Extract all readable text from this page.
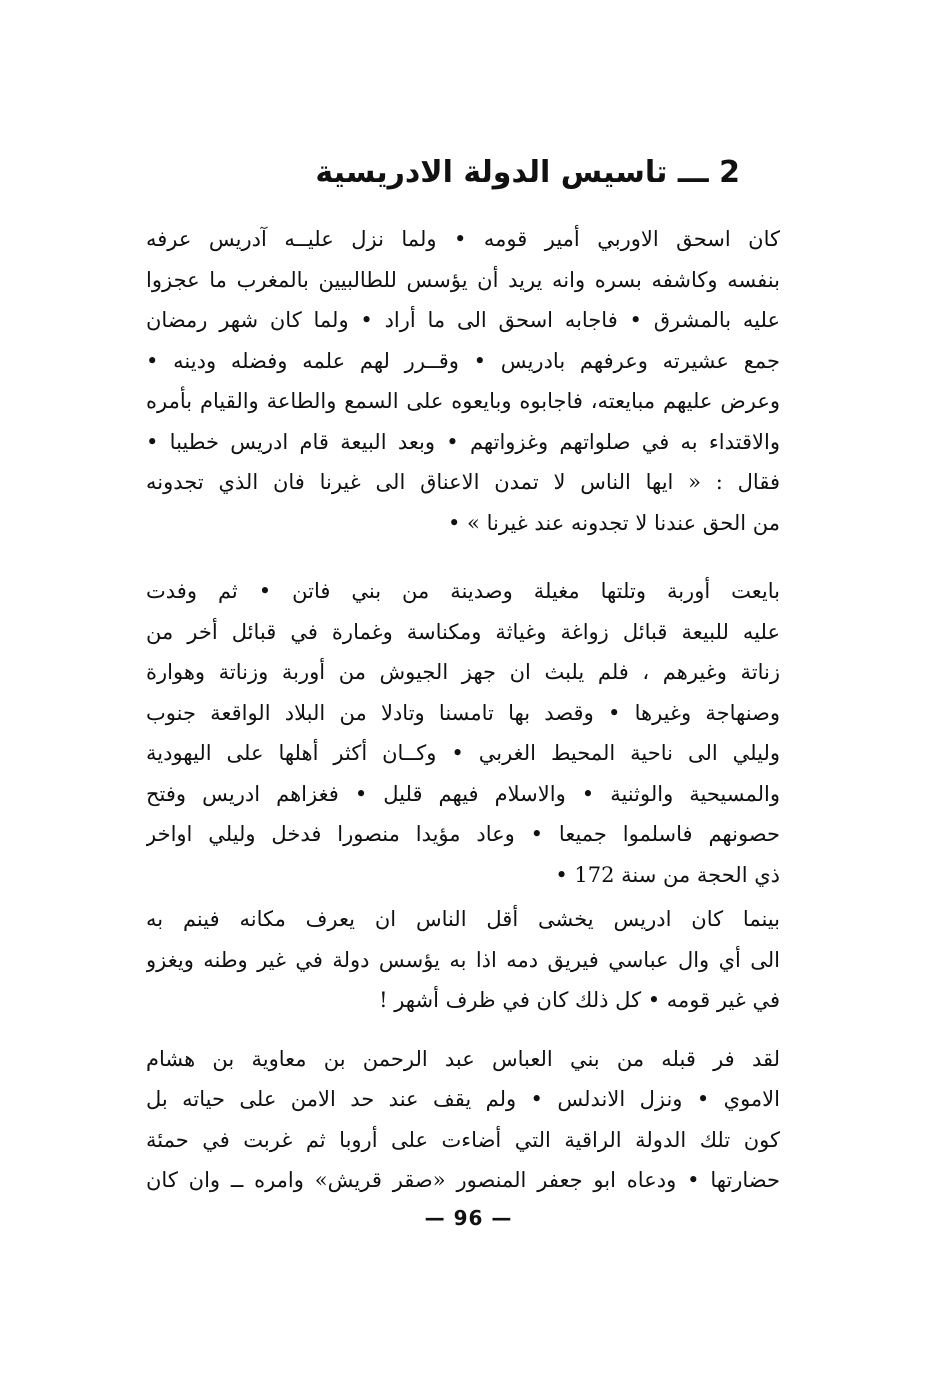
2 ـــ تاسيس الدولة الادريسية
كان اسحق الاوربي أمير قومه • ولما نزل عليــه آدريس عرفه
بنفسه وكاشفه بسره وانه يريد أن يؤسس للطالبيين بالمغرب ما عجزوا
عليه بالمشرق • فاجابه اسحق الى ما أراد • ولما كان شهر رمضان
جمع عشيرته وعرفهم بادريس • وقــرر لهم علمه وفضله ودينه •
وعرض عليهم مبايعته، فاجابوه وبايعوه على السمع والطاعة والقيام بأمره
والاقتداء به في صلواتهم وغزواتهم • وبعد البيعة قام ادريس خطيبا •
فقال : « ايها الناس لا تمدن الاعناق الى غيرنا فان الذي تجدونه
من الحق عندنا لا تجدونه عند غيرنا » •
بايعت أوربة وتلتها مغيلة وصدينة من بني فاتن • ثم وفدت
عليه للبيعة قبائل زواغة وغياثة ومكناسة وغمارة في قبائل أخر من
زناتة وغيرهم ، فلم يلبث ان جهز الجيوش من أوربة وزناتة وهوارة
وصنهاجة وغيرها • وقصد بها تامسنا وتادلا من البلاد الواقعة جنوب
وليلي الى ناحية المحيط الغربي • وكــان أكثر أهلها على اليهودية
والمسيحية والوثنية • والاسلام فيهم قليل • فغزاهم ادريس وفتح
حصونهم فاسلموا جميعا • وعاد مؤيدا منصورا فدخل وليلي اواخر
ذي الحجة من سنة 172 •
بينما كان ادريس يخشى أقل الناس ان يعرف مكانه فينم به
الى أي وال عباسي فيريق دمه اذا به يؤسس دولة في غير وطنه ويغزو
في غير قومه • كل ذلك كان في ظرف أشهر !
لقد فر قبله من بني العباس عبد الرحمن بن معاوية بن هشام
الاموي • ونزل الاندلس • ولم يقف عند حد الامن على حياته بل
كون تلك الدولة الراقية التي أضاءت على أروبا ثم غربت في حمئة
حضارتها • ودعاه ابو جعفر المنصور «صقر قريش» وامره ــ وان كان
— 96 —
